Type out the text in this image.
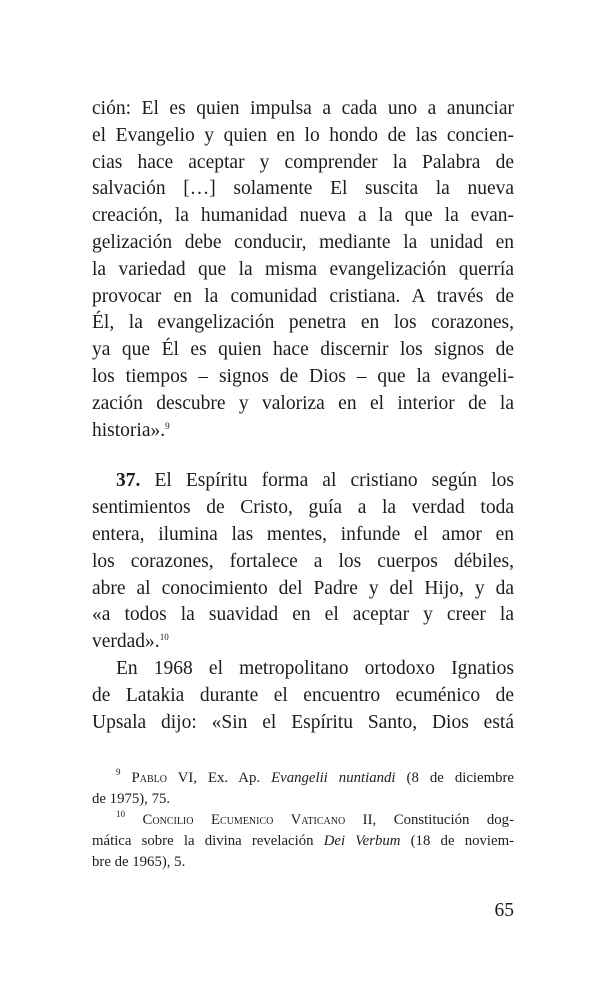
ción: El es quien impulsa a cada uno a anunciar
el Evangelio y quien en lo hondo de las concien-
cias hace aceptar y comprender la Palabra de
salvación […] solamente El suscita la nueva
creación, la humanidad nueva a la que la evan-
gelización debe conducir, mediante la unidad en
la variedad que la misma evangelización querría
provocar en la comunidad cristiana. A través de
Él, la evangelización penetra en los corazones,
ya que Él es quien hace discernir los signos de
los tiempos – signos de Dios – que la evangeli-
zación descubre y valoriza en el interior de la
historia».$^9$
37. El Espíritu forma al cristiano según los
sentimientos de Cristo, guía a la verdad toda
entera, ilumina las mentes, infunde el amor en
los corazones, fortalece a los cuerpos débiles,
abre al conocimiento del Padre y del Hijo, y da
«a todos la suavidad en el aceptar y creer la
verdad».$^{10}$
En 1968 el metropolitano ortodoxo Ignatios
de Latakia durante el encuentro ecuménico de
Upsala dijo: «Sin el Espíritu Santo, Dios está
$^9$ Pablo VI, Ex. Ap. Evangelii nuntiandi (8 de diciembre
de 1975), 75.
$^{10}$ Concilio Ecumenico Vaticano II, Constitución dog-
mática sobre la divina revelación Dei Verbum (18 de noviem-
bre de 1965), 5.
65
